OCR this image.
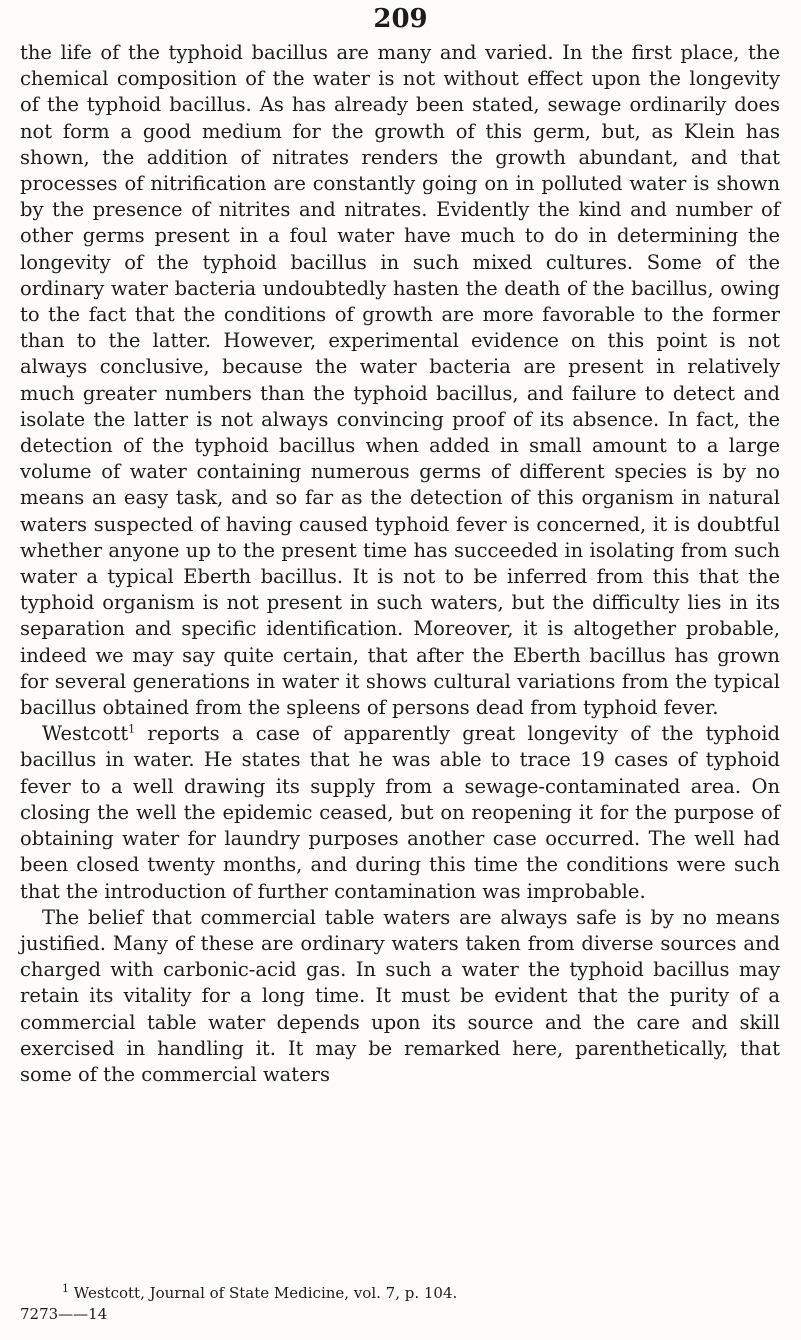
209

the life of the typhoid bacillus are many and varied. In the first place, the chemical composition of the water is not without effect upon the longevity of the typhoid bacillus. As has already been stated, sewage ordinarily does not form a good medium for the growth of this germ, but, as Klein has shown, the addition of nitrates renders the growth abundant, and that processes of nitrification are constantly going on in polluted water is shown by the presence of nitrites and nitrates. Evidently the kind and number of other germs present in a foul water have much to do in determining the longevity of the typhoid bacillus in such mixed cultures. Some of the ordinary water bacteria undoubtedly hasten the death of the bacillus, owing to the fact that the conditions of growth are more favorable to the former than to the latter. However, experimental evidence on this point is not always conclusive, because the water bacteria are present in relatively much greater numbers than the typhoid bacillus, and failure to detect and isolate the latter is not always convincing proof of its absence. In fact, the detection of the typhoid bacillus when added in small amount to a large volume of water containing numerous germs of different species is by no means an easy task, and so far as the detection of this organism in natural waters suspected of having caused typhoid fever is concerned, it is doubtful whether anyone up to the present time has succeeded in isolating from such water a typical Eberth bacillus. It is not to be inferred from this that the typhoid organism is not present in such waters, but the difficulty lies in its separation and specific identification. Moreover, it is altogether probable, indeed we may say quite certain, that after the Eberth bacillus has grown for several generations in water it shows cultural variations from the typical bacillus obtained from the spleens of persons dead from typhoid fever.

Westcott$^1$ reports a case of apparently great longevity of the typhoid bacillus in water. He states that he was able to trace 19 cases of typhoid fever to a well drawing its supply from a sewage-contaminated area. On closing the well the epidemic ceased, but on reopening it for the purpose of obtaining water for laundry purposes another case occurred. The well had been closed twenty months, and during this time the conditions were such that the introduction of further contamination was improbable.

The belief that commercial table waters are always safe is by no means justified. Many of these are ordinary waters taken from diverse sources and charged with carbonic-acid gas. In such a water the typhoid bacillus may retain its vitality for a long time. It must be evident that the purity of a commercial table water depends upon its source and the care and skill exercised in handling it. It may be remarked here, parenthetically, that some of the commercial waters

$^1$ Westcott, Journal of State Medicine, vol. 7, p. 104.
7273——14
